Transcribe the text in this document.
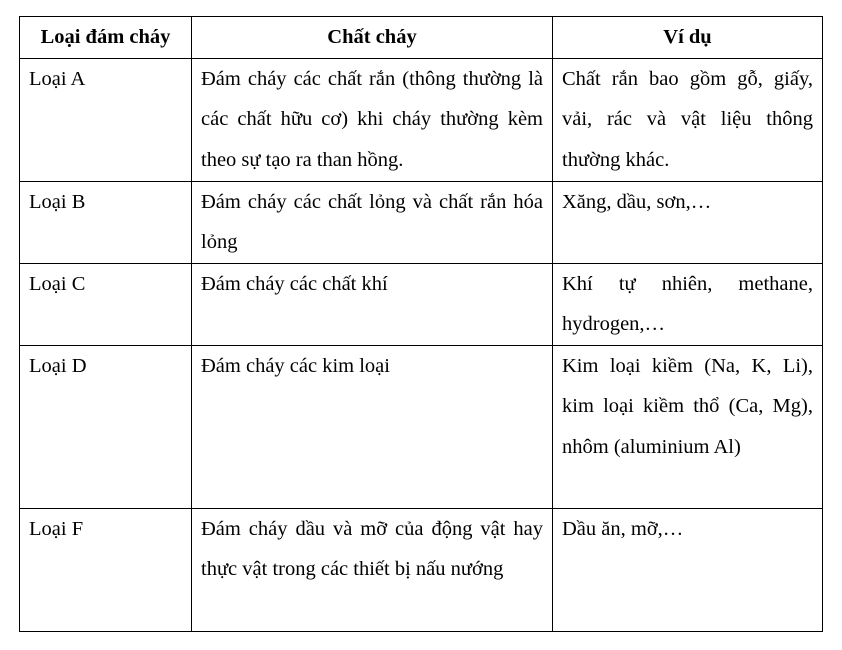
Loại đám cháy	Chất cháy	Ví dụ
Loại A	Đám cháy các chất rắn (thông thường là các chất hữu cơ) khi cháy thường kèm theo sự tạo ra than hồng.	Chất rắn bao gồm gỗ, giấy, vải, rác và vật liệu thông thường khác.
Loại B	Đám cháy các chất lỏng và chất rắn hóa lỏng	Xăng, dầu, sơn,…
Loại C	Đám cháy các chất khí	Khí tự nhiên, methane, hydrogen,…
Loại D	Đám cháy các kim loại	Kim loại kiềm (Na, K, Li), kim loại kiềm thổ (Ca, Mg), nhôm (aluminium Al)
Loại F	Đám cháy dầu và mỡ của động vật hay thực vật trong các thiết bị nấu nướng	Dầu ăn, mỡ,…
